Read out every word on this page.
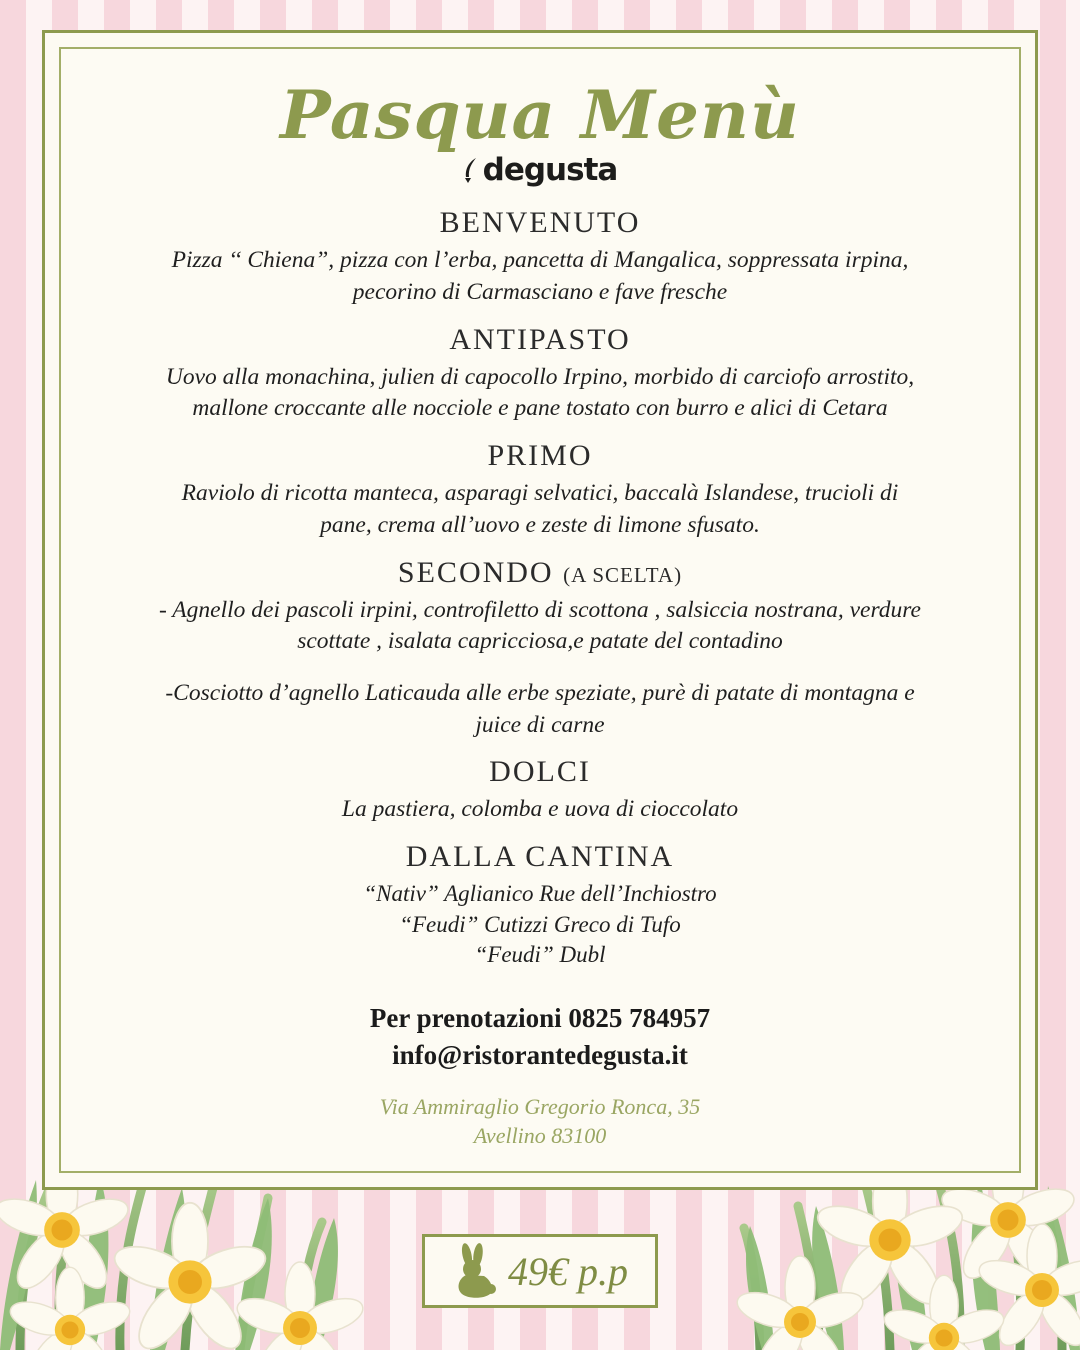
Pasqua Menù
degusta
BENVENUTO
Pizza ‘‘ Chiena”, pizza con l’erba, pancetta di Mangalica, soppressata irpina, pecorino di Carmasciano e fave fresche
ANTIPASTO
Uovo alla monachina, julien di capocollo Irpino, morbido di carciofo arrostito, mallone croccante alle nocciole e pane tostato con burro e alici di Cetara
PRIMO
Raviolo di ricotta manteca, asparagi selvatici, baccalà Islandese, trucioli di pane, crema all’uovo e zeste di limone sfusato.
SECONDO (A SCELTA)
- Agnello dei pascoli irpini, controfiletto di scottona , salsiccia nostrana, verdure scottate , isalata capricciosa,e patate del contadino
-Cosciotto d’agnello Laticauda alle erbe speziate, purè di patate di montagna e juice di carne
DOLCI
La pastiera, colomba e uova di cioccolato
DALLA CANTINA
“Nativ” Aglianico Rue dell’Inchiostro
“Feudi” Cutizzi Greco di Tufo
“Feudi” Dubl
Per prenotazioni 0825 784957
info@ristorantedegusta.it
Via Ammiraglio Gregorio Ronca, 35
Avellino 83100
49€ p.p
